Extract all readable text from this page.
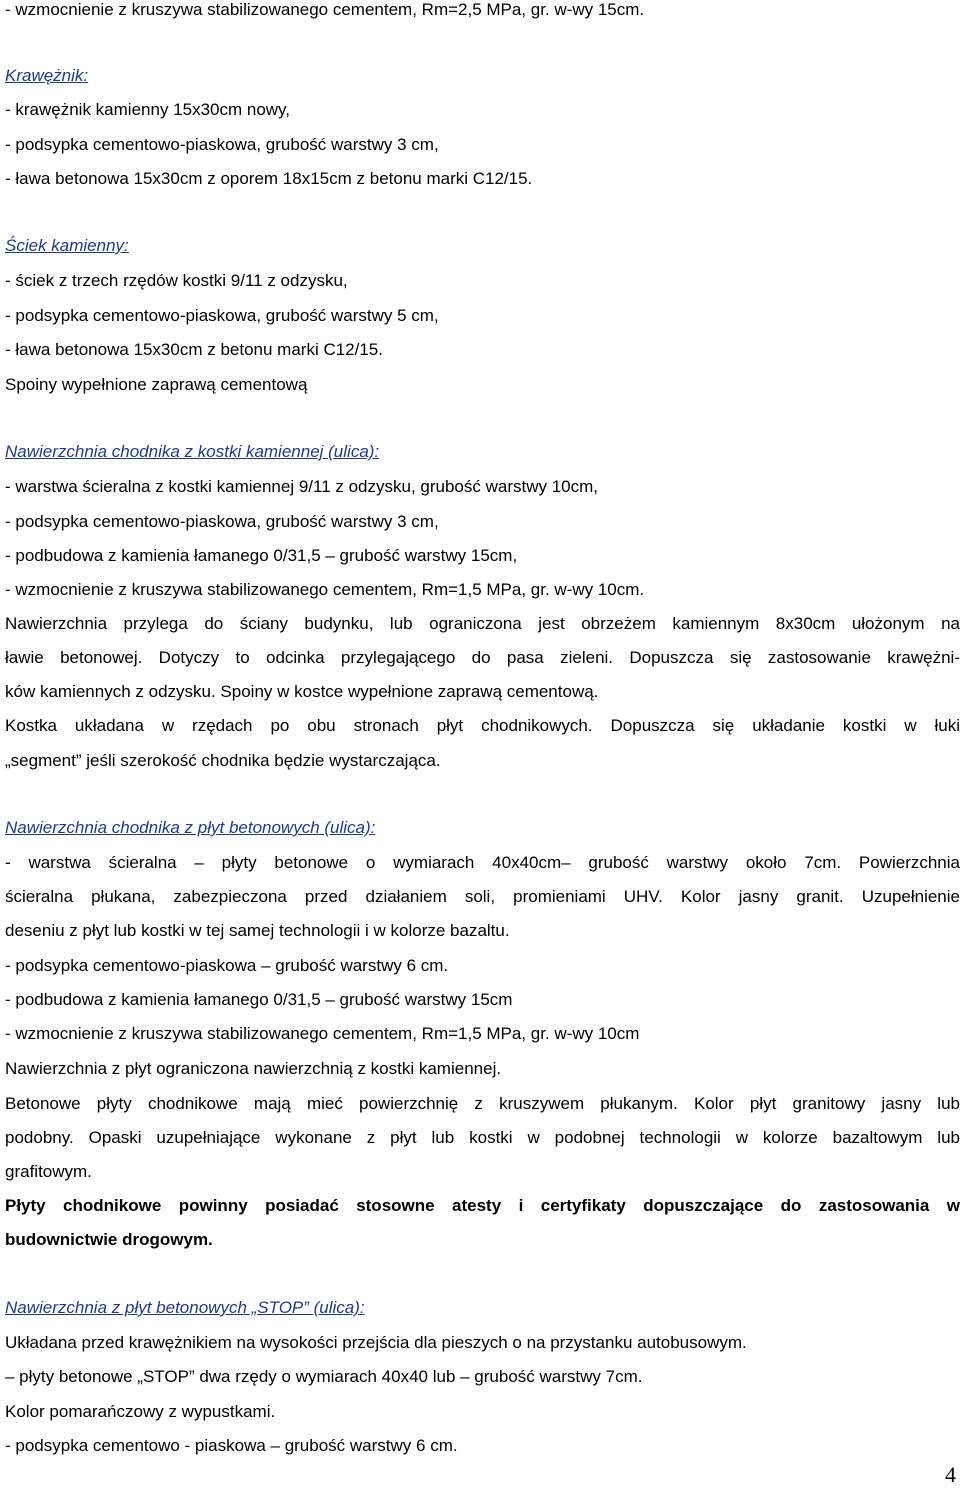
- wzmocnienie z kruszywa stabilizowanego cementem, Rm=2,5 MPa, gr. w-wy 15cm.
Krawężnik:
- krawężnik kamienny 15x30cm nowy,
- podsypka cementowo-piaskowa, grubość warstwy 3 cm,
- ława betonowa 15x30cm z oporem 18x15cm z betonu marki C12/15.
Ściek kamienny:
- ściek z trzech rzędów kostki 9/11 z odzysku,
- podsypka cementowo-piaskowa, grubość warstwy 5 cm,
- ława betonowa 15x30cm z betonu marki C12/15.
Spoiny wypełnione zaprawą cementową
Nawierzchnia chodnika z kostki kamiennej (ulica):
- warstwa ścieralna z kostki kamiennej 9/11 z odzysku, grubość warstwy 10cm,
- podsypka cementowo-piaskowa, grubość warstwy 3 cm,
- podbudowa z kamienia łamanego 0/31,5 – grubość warstwy 15cm,
- wzmocnienie z kruszywa stabilizowanego cementem, Rm=1,5 MPa, gr. w-wy 10cm.
Nawierzchnia przylega do ściany budynku, lub ograniczona jest obrzeżem kamiennym 8x30cm ułożonym na
ławie betonowej. Dotyczy to odcinka przylegającego do pasa zieleni. Dopuszcza się zastosowanie krawężni-
ków kamiennych z odzysku. Spoiny w kostce wypełnione zaprawą cementową.
Kostka układana w rzędach po obu stronach płyt chodnikowych. Dopuszcza się układanie kostki w łuki
„segment” jeśli szerokość chodnika będzie wystarczająca.
Nawierzchnia chodnika z płyt betonowych (ulica):
- warstwa ścieralna – płyty betonowe o wymiarach 40x40cm– grubość warstwy około 7cm. Powierzchnia
ścieralna płukana, zabezpieczona przed działaniem soli, promieniami UHV. Kolor jasny granit. Uzupełnienie
deseniu z płyt lub kostki w tej samej technologii i w kolorze bazaltu.
- podsypka cementowo-piaskowa – grubość warstwy 6 cm.
- podbudowa z kamienia łamanego 0/31,5 – grubość warstwy 15cm
- wzmocnienie z kruszywa stabilizowanego cementem, Rm=1,5 MPa, gr. w-wy 10cm
Nawierzchnia z płyt ograniczona nawierzchnią z kostki kamiennej.
Betonowe płyty chodnikowe mają mieć powierzchnię z kruszywem płukanym. Kolor płyt granitowy jasny lub
podobny. Opaski uzupełniające wykonane z płyt lub kostki w podobnej technologii w kolorze bazaltowym lub
grafitowym.
Płyty chodnikowe powinny posiadać stosowne atesty i certyfikaty dopuszczające do zastosowania w
budownictwie drogowym.
Nawierzchnia z płyt betonowych „STOP” (ulica):
Układana przed krawężnikiem na wysokości przejścia dla pieszych o na przystanku autobusowym.
– płyty betonowe „STOP” dwa rzędy o wymiarach 40x40 lub – grubość warstwy 7cm.
Kolor pomarańczowy z wypustkami.
- podsypka cementowo - piaskowa – grubość warstwy 6 cm.
4
